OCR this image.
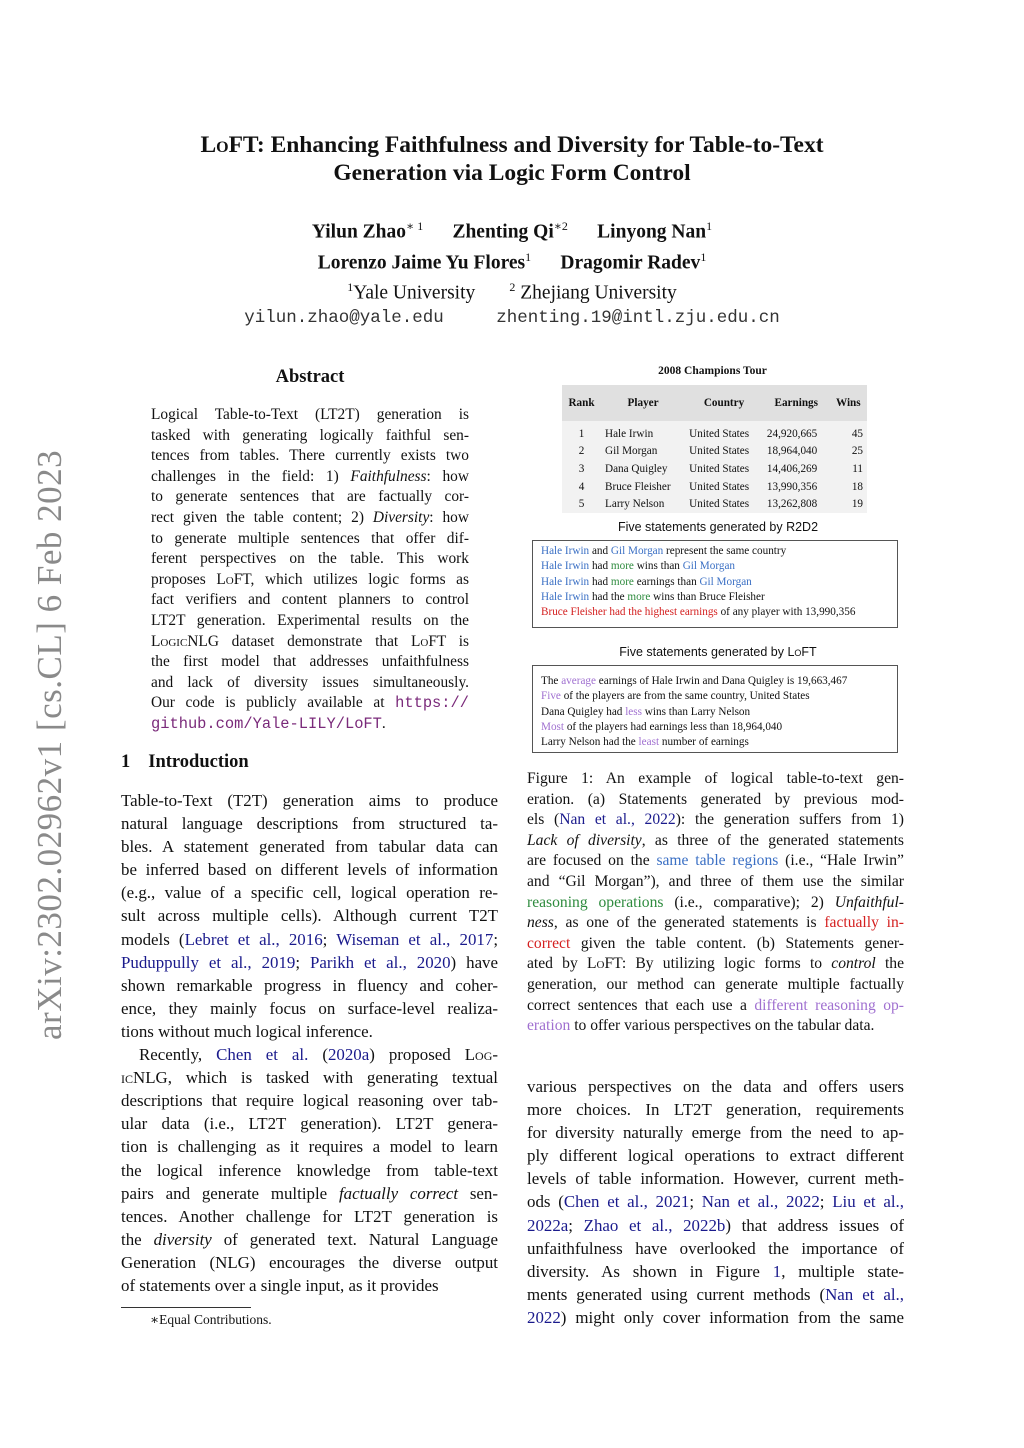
arXiv:2302.02962v1 [cs.CL] 6 Feb 2023
LoFT: Enhancing Faithfulness and Diversity for Table-to-Text
Generation via Logic Form Control
Yilun Zhao$^{∗ 1}$ Zhenting $Qi^{∗2}$ Linyong Nan$^1$
Lorenzo Jaime Yu Flores$^1$ Dragomir Radev$^1$
$^1$Yale University	$^2$ Zhejiang University
yilun.zhao@yale.edu	zhenting.19@intl.zju.edu.cn
Abstract
Logical Table-to-Text (LT2T) generation is
tasked with generating logically faithful sen-
tences from tables. There currently exists two
challenges in the field: 1) Faithfulness: how
to generate sentences that are factually cor-
rect given the table content; 2) Diversity: how
to generate multiple sentences that offer dif-
ferent perspectives on the table. This work
proposes LoFT, which utilizes logic forms as
fact verifiers and content planners to control
LT2T generation. Experimental results on the
LogicNLG dataset demonstrate that LoFT is
the first model that addresses unfaithfulness
and lack of diversity issues simultaneously.
Our code is publicly available at https://
github.com/Yale-LILY/LoFT.
1 Introduction
Table-to-Text (T2T) generation aims to produce
natural language descriptions from structured ta-
bles. A statement generated from tabular data can
be inferred based on different levels of information
(e.g., value of a specific cell, logical operation re-
sult across multiple cells). Although current T2T
models (Lebret et al., 2016; Wiseman et al., 2017;
Puduppully et al., 2019; Parikh et al., 2020) have
shown remarkable progress in fluency and coher-
ence, they mainly focus on surface-level realiza-
tions without much logical inference.
Recently, Chen et al. (2020a) proposed Log-
icNLG, which is tasked with generating textual
descriptions that require logical reasoning over tab-
ular data (i.e., LT2T generation). LT2T genera-
tion is challenging as it requires a model to learn
the logical inference knowledge from table-text
pairs and generate multiple factually correct sen-
tences. Another challenge for LT2T generation is
the diversity of generated text. Natural Language
Generation (NLG) encourages the diverse output
of statements over a single input, as it provides
∗Equal Contributions.
2008 Champions Tour
Rank	Player	Country	Earnings	Wins
1	Hale Irwin	United States	24,920,665	45
2	Gil Morgan	United States	18,964,040	25
3	Dana Quigley	United States	14,406,269	11
4	Bruce Fleisher	United States	13,990,356	18
5	Larry Nelson	United States	13,262,808	19
Five statements generated by R2D2
Hale Irwin and Gil Morgan represent the same country
Hale Irwin had more wins than Gil Morgan
Hale Irwin had more earnings than Gil Morgan
Hale Irwin had the more wins than Bruce Fleisher
Bruce Fleisher had the highest earnings of any player with 13,990,356
Five statements generated by LoFT
The average earnings of Hale Irwin and Dana Quigley is 19,663,467
Five of the players are from the same country, United States
Dana Quigley had less wins than Larry Nelson
Most of the players had earnings less than 18,964,040
Larry Nelson had the least number of earnings
Figure 1: An example of logical table-to-text gen-
eration. (a) Statements generated by previous mod-
els (Nan et al., 2022): the generation suffers from 1)
Lack of diversity, as three of the generated statements
are focused on the same table regions (i.e., “Hale Irwin”
and “Gil Morgan”), and three of them use the similar
reasoning operations (i.e., comparative); 2) Unfaithful-
ness, as one of the generated statements is factually in-
correct given the table content. (b) Statements gener-
ated by LoFT: By utilizing logic forms to control the
generation, our method can generate multiple factually
correct sentences that each use a different reasoning op-
eration to offer various perspectives on the tabular data.
various perspectives on the data and offers users
more choices. In LT2T generation, requirements
for diversity naturally emerge from the need to ap-
ply different logical operations to extract different
levels of table information. However, current meth-
ods (Chen et al., 2021; Nan et al., 2022; Liu et al.,
2022a; Zhao et al., 2022b) that address issues of
unfaithfulness have overlooked the importance of
diversity. As shown in Figure 1, multiple state-
ments generated using current methods (Nan et al.,
2022) might only cover information from the same
